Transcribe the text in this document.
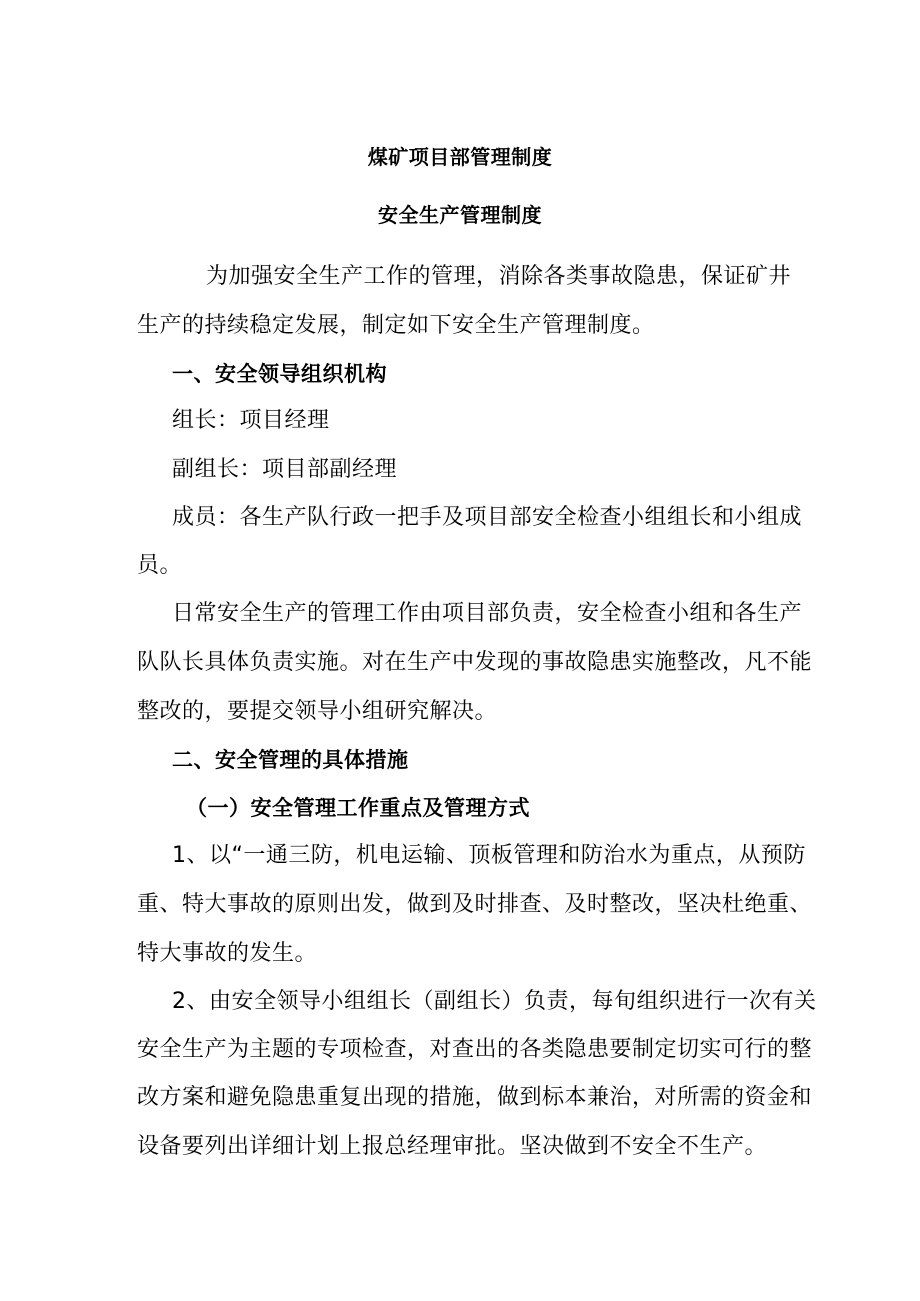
煤矿项目部管理制度
安全生产管理制度
为加强安全生产工作的管理，消除各类事故隐患，保证矿井
生产的持续稳定发展，制定如下安全生产管理制度。
一、安全领导组织机构
组长：项目经理
副组长：项目部副经理
成员：各生产队行政一把手及项目部安全检查小组组长和小组成
员。
日常安全生产的管理工作由项目部负责，安全检查小组和各生产
队队长具体负责实施。对在生产中发现的事故隐患实施整改，凡不能
整改的，要提交领导小组研究解决。
二、安全管理的具体措施
（一）安全管理工作重点及管理方式
1、以“一通三防，机电运输、顶板管理和防治水为重点，从预防
重、特大事故的原则出发，做到及时排查、及时整改，坚决杜绝重、
特大事故的发生。
2、由安全领导小组组长（副组长）负责，每旬组织进行一次有关
安全生产为主题的专项检查，对查出的各类隐患要制定切实可行的整
改方案和避免隐患重复出现的措施，做到标本兼治，对所需的资金和
设备要列出详细计划上报总经理审批。坚决做到不安全不生产。
